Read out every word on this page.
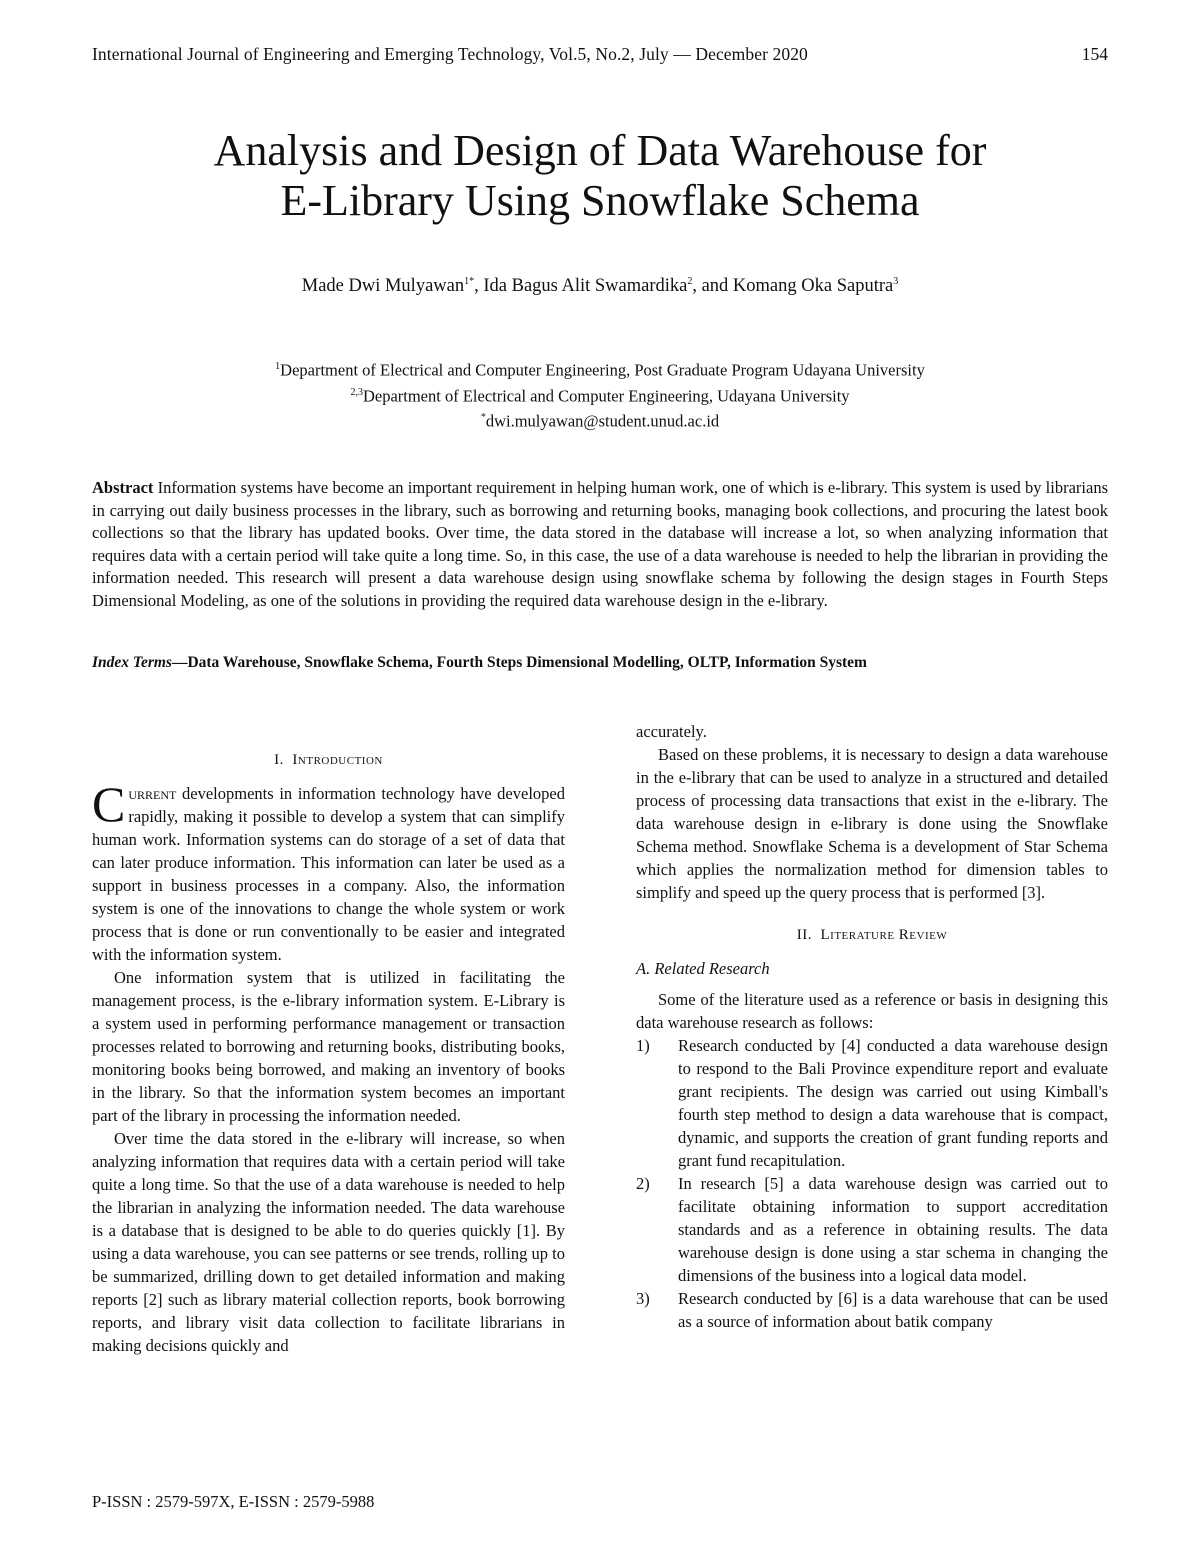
International Journal of Engineering and Emerging Technology, Vol.5, No.2, July — December 2020	154
Analysis and Design of Data Warehouse for
E-Library Using Snowflake Schema
Made Dwi Mulyawan$^{1*}$, Ida Bagus Alit Swamardika$^2$, and Komang Oka Saputra$^3$
$^1$Department of Electrical and Computer Engineering, Post Graduate Program Udayana University
$^{2,3}$Department of Electrical and Computer Engineering, Udayana University
*dwi.mulyawan@student.unud.ac.id
Abstract Information systems have become an important requirement in helping human work, one of which is e-library. This system is used by librarians in carrying out daily business processes in the library, such as borrowing and returning books, managing book collections, and procuring the latest book collections so that the library has updated books. Over time, the data stored in the database will increase a lot, so when analyzing information that requires data with a certain period will take quite a long time. So, in this case, the use of a data warehouse is needed to help the librarian in providing the information needed. This research will present a data warehouse design using snowflake schema by following the design stages in Fourth Steps Dimensional Modeling, as one of the solutions in providing the required data warehouse design in the e-library.
Index Terms—Data Warehouse, Snowflake Schema, Fourth Steps Dimensional Modelling, OLTP, Information System
I. Introduction

Current developments in information technology have developed rapidly, making it possible to develop a system that can simplify human work. Information systems can do storage of a set of data that can later produce information. This information can later be used as a support in business processes in a company. Also, the information system is one of the innovations to change the whole system or work process that is done or run conventionally to be easier and integrated with the information system.

One information system that is utilized in facilitating the management process, is the e-library information system. E-Library is a system used in performing performance management or transaction processes related to borrowing and returning books, distributing books, monitoring books being borrowed, and making an inventory of books in the library. So that the information system becomes an important part of the library in processing the information needed.

Over time the data stored in the e-library will increase, so when analyzing information that requires data with a certain period will take quite a long time. So that the use of a data warehouse is needed to help the librarian in analyzing the information needed. The data warehouse is a database that is designed to be able to do queries quickly [1]. By using a data warehouse, you can see patterns or see trends, rolling up to be summarized, drilling down to get detailed information and making reports [2] such as library material collection reports, book borrowing reports, and library visit data collection to facilitate librarians in making decisions quickly and

accurately.

Based on these problems, it is necessary to design a data warehouse in the e-library that can be used to analyze in a structured and detailed process of processing data transactions that exist in the e-library. The data warehouse design in e-library is done using the Snowflake Schema method. Snowflake Schema is a development of Star Schema which applies the normalization method for dimension tables to simplify and speed up the query process that is performed [3].

II. Literature Review
A. Related Research

Some of the literature used as a reference or basis in designing this data warehouse research as follows:

1) Research conducted by [4] conducted a data warehouse design to respond to the Bali Province expenditure report and evaluate grant recipients. The design was carried out using Kimball's fourth step method to design a data warehouse that is compact, dynamic, and supports the creation of grant funding reports and grant fund recapitulation.
2) In research [5] a data warehouse design was carried out to facilitate obtaining information to support accreditation standards and as a reference in obtaining results. The data warehouse design is done using a star schema in changing the dimensions of the business into a logical data model.
3) Research conducted by [6] is a data warehouse that can be used as a source of information about batik company
P-ISSN : 2579-597X, E-ISSN : 2579-5988
